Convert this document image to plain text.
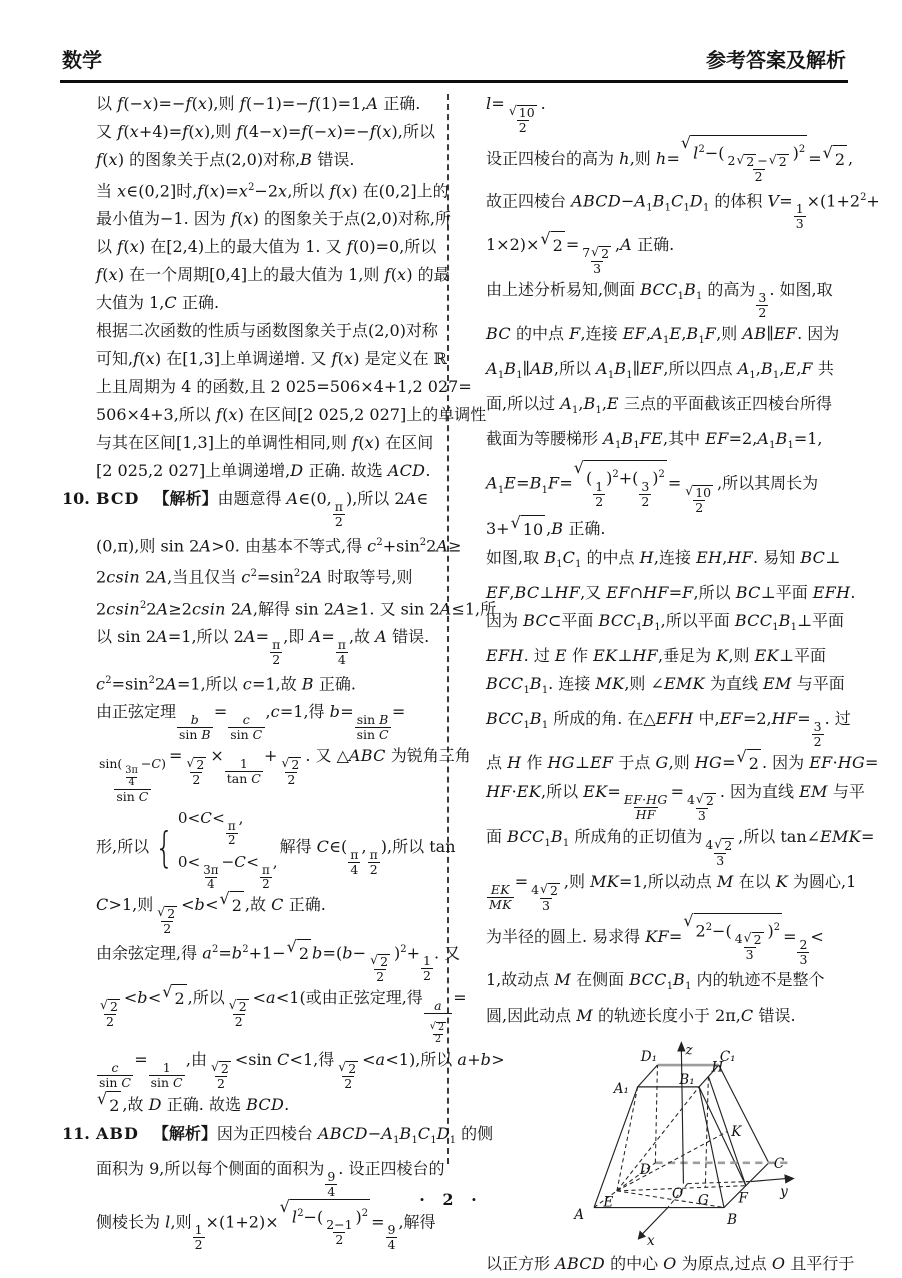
数学	参考答案及解析
以 f(−x)=−f(x),则 f(−1)=−f(1)=1,A 正确.
又 f(x+4)=f(x),则 f(4−x)=f(−x)=−f(x),所以
f(x) 的图象关于点(2,0)对称,B 错误.
当 x∈(0,2]时$,f(x)=x^2-2x$,所以 f(x) 在(0,2]上的
最小值为−1. 因为 f(x) 的图象关于点(2,0)对称,所
以 f(x) 在[2,4)上的最大值为 1. 又 f(0)=0,所以
f(x) 在一个周期[0,4]上的最大值为 1,则 f(x) 的最
大值为 1,C 正确.
根据二次函数的性质与函数图象关于点(2,0)对称
可知,f(x) 在[1,3]上单调递增. 又 f(x) 是定义在 ℝ
上且周期为 4 的函数,且 2 025=506×4+1,2 027=
506×4+3,所以 f(x) 在区间[2 025,2 027]上的单调性
与其在区间[1,3]上的单调性相同,则 f(x) 在区间
[2 025,2 027]上单调递增,D 正确. 故选 ACD.
10. BCD 【解析】由题意得 A∈(0,
$\frac{\pi}{2}$
),所以 2A∈
(0,π),则 sin 2A>0. 由基本不等式,得 $c^2+\sin^22A\ge$
2csin 2A,当且仅当 $c^2=\sin^22A$ 时取等号,则
2csin$^2$2A≥2csin 2A,解得 sin 2A≥1. 又 sin 2A≤1,所
以 sin 2A=1,所以 2A=
$\frac{\pi}{2}$
,即 A=
$\frac{\pi}{4}$
,故 A 错误.
$c^2=\sin^22A=1$,所以 c=1,故 B 正确.
由正弦定理
$\frac{b}{\text{sin B}}$
=
$\frac{c}{\text{sin C}}$
,c=1,得 b=
$\frac{\text{sin B}}{\text{sin C}}$
=
sin(
$\frac{3\pi}{4}$
−C)
sin C
=
$\frac{√ 2}{2}$
×
$\frac{1}{\text{tan C}}$
+
$\frac{√ 2}{2}$
. 又 △ABC 为锐角三角
形,所以 {
0<C<
$\frac{\pi}{2}$
,
0<
$\frac{3\pi}{4}$
−C<
$\frac{\pi}{2}$
,
解得 C∈(
$\frac{\pi}{4}$
,
$\frac{\pi}{2}$
),所以 tan
C>1,则
$\frac{√ 2}{2}$
<b< √ 2 ,故 C 正确.
由余弦定理,得 $a^2=b^2+1-$ √ 2 b=(b−
$\frac{√ 2}{2}$
)$^2$+
$\frac{1}{2}$
. 又
$\frac{√ 2}{2}$
<b< √ 2 ,所以
$\frac{√ 2}{2}$
<a<1(或由正弦定理,得
$\frac{a}{\frac{√ 2}{2}}$
=
$\frac{c}{\text{sin C}}$
=
$\frac{1}{\text{sin C}}$
,由
$\frac{√ 2}{2}$
<sin C<1,得
$\frac{√ 2}{2}$
<a<1),所以 a+b>
√ 2 ,故 D 正确. 故选 BCD.
11. ABD 【解析】因为正四棱台 $ABCD-A_1B_1C_1D_1$ 的侧
面积为 9,所以每个侧面的面积为
$\frac{9}{4}$
. 设正四棱台的
侧棱长为 l,则
$\frac{1}{2}$
×(1+2)×
√
$l^2-$(
$\frac{2-1}{2}$
)$^2$ =
$\frac{9}{4}$
,解得
l=
$\frac{√ 10}{2}$
.
设正四棱台的高为 h,则 h=
√
$l^2-$(
$\frac{2 √ 2 - √ 2}{2}$
)$^2$ = √ 2 ,
故正四棱台 $ABCD-A_1B_1C_1D_1$ 的体积 V=
$\frac{1}{3}$
$\times(1+2^2+$
1×2)× √ 2 =
$\frac{7 √ 2}{3}$
,A 正确.
由上述分析易知,侧面 $BCC_1B_1$ 的高为
$\frac{3}{2}$
. 如图,取
BC 的中点 F,连接 $EF,A_1E,B_1F$,则 AB∥EF. 因为
$A_1B_1\parallel AB$,所以 $A_1B_1\parallel EF$,所以四点 $A_1,B_1,E,F$ 共
面,所以过 $A_1,B_1,E$ 三点的平面截该正四棱台所得
截面为等腰梯形 $A_1B_1FE$,其中 $EF=2,A_1B_1=1$,
$A_1E=B_1F=$
√
(
$\frac{1}{2}$
)$^2$+(
$\frac{3}{2}$
)$^2$ =
$\frac{√ 10}{2}$
,所以其周长为
3+ √ 10 ,B 正确.
如图,取 $B_1C_1$ 的中点 H,连接 EH,HF. 易知 BC⊥
EF,BC⊥HF,又 EF∩HF=F,所以 BC⊥平面 EFH.
因为 BC⊂平面 $BCC_1B_1$,所以平面 $BCC_1B_1\perp$平面
EFH. 过 E 作 EK⊥HF,垂足为 K,则 EK⊥平面
$BCC_1B_1$. 连接 MK,则 ∠EMK 为直线 EM 与平面
$BCC_1B_1$ 所成的角. 在△EFH 中,EF=2,HF=
$\frac{3}{2}$
. 过
点 H 作 HG⊥EF 于点 G,则 HG= √ 2 . 因为 EF·HG=
HF·EK,所以 EK=
$\frac{EF\cdot HG}{HF}$
=
$\frac{4 √ 2}{3}$
. 因为直线 EM 与平
面 $BCC_1B_1$ 所成角的正切值为
$\frac{4 √ 2}{3}$
,所以 tan∠EMK=
$\frac{EK}{MK}$
=
$\frac{4 √ 2}{3}$
,则 MK=1,所以动点 M 在以 K 为圆心,1
为半径的圆上. 易求得 KF=
√
$2^2-$(
$\frac{4 √ 2}{3}$
)$^2$ =
$\frac{2}{3}$
<
1,故动点 M 在侧面 $BCC_1B_1$ 内的轨迹不是整个
圆,因此动点 M 的轨迹长度小于 2π,C 错误.
z
D₁	C₁
A₁
B₁
H
K
D	C
O
E	G F y
A	B
x
以正方形 ABCD 的中心 O 为原点,过点 O 且平行于
· 2 ·
